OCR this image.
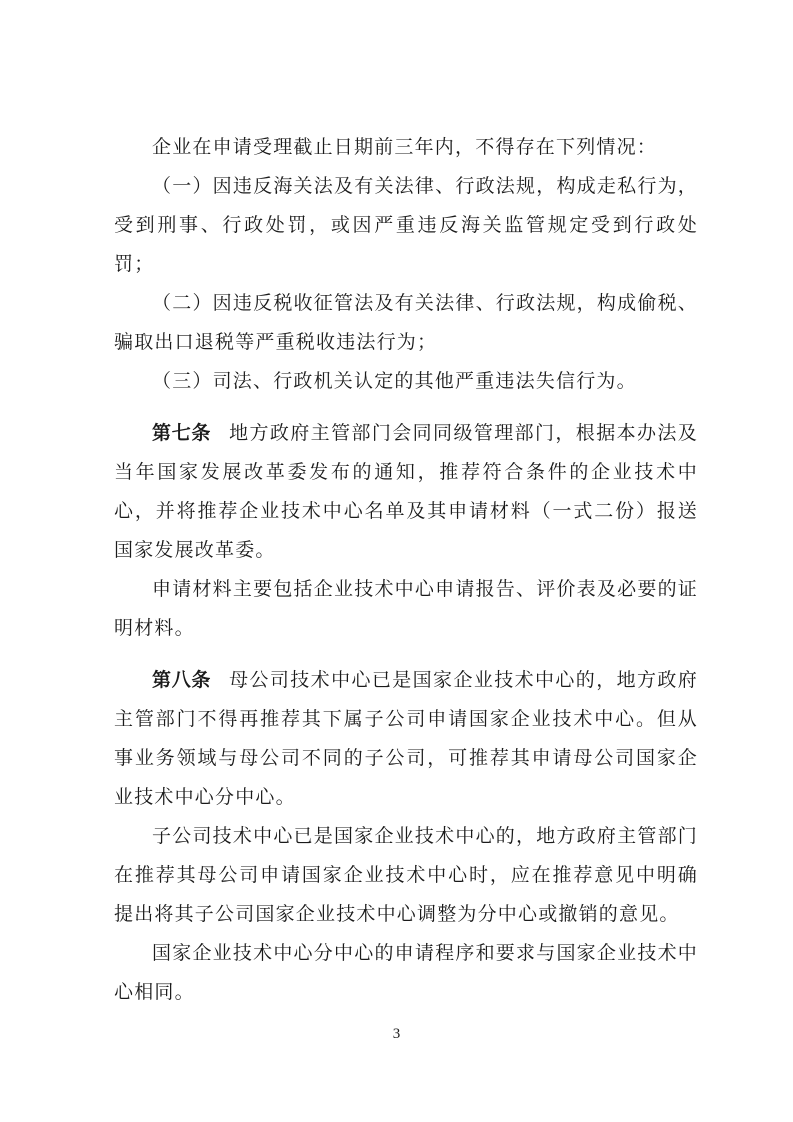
企业在申请受理截止日期前三年内，不得存在下列情况：

（一）因违反海关法及有关法律、行政法规，构成走私行为，受到刑事、行政处罚，或因严重违反海关监管规定受到行政处罚；

（二）因违反税收征管法及有关法律、行政法规，构成偷税、骗取出口退税等严重税收违法行为；

（三）司法、行政机关认定的其他严重违法失信行为。

第七条 地方政府主管部门会同同级管理部门，根据本办法及当年国家发展改革委发布的通知，推荐符合条件的企业技术中心，并将推荐企业技术中心名单及其申请材料（一式二份）报送国家发展改革委。

申请材料主要包括企业技术中心申请报告、评价表及必要的证明材料。

第八条 母公司技术中心已是国家企业技术中心的，地方政府主管部门不得再推荐其下属子公司申请国家企业技术中心。但从事业务领域与母公司不同的子公司，可推荐其申请母公司国家企业技术中心分中心。

子公司技术中心已是国家企业技术中心的，地方政府主管部门在推荐其母公司申请国家企业技术中心时，应在推荐意见中明确提出将其子公司国家企业技术中心调整为分中心或撤销的意见。

国家企业技术中心分中心的申请程序和要求与国家企业技术中心相同。

3
